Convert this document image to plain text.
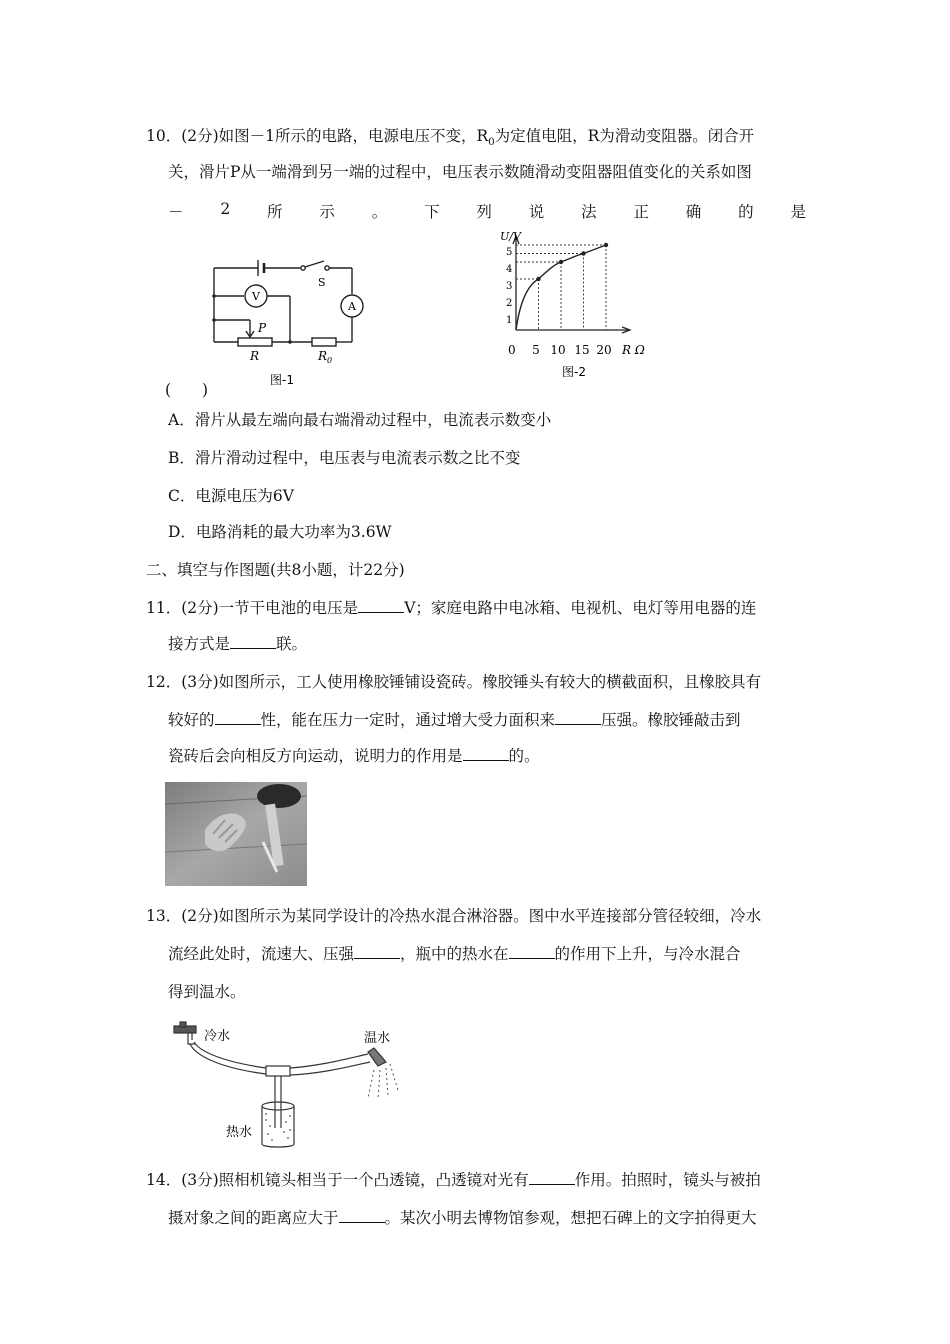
10．(2分)如图－1所示的电路，电源电压不变，$R_0$为定值电阻，R为滑动变阻器。闭合开
关，滑片P从一端滑到另一端的过程中，电压表示数随滑动变阻器阻值变化的关系如图
－ 2 所 示 。 下 列 说 法 正 确 的 是
S
V
A
P
R	$R_0$
图-1
U/V
0 5 10 15 20 R Ω
1
2
3
4
5
图-2
(　　)
A．滑片从最左端向最右端滑动过程中，电流表示数变小
B．滑片滑动过程中，电压表与电流表示数之比不变
C．电源电压为6V
D．电路消耗的最大功率为3.6W
二、填空与作图题(共8小题，计22分)
11．(2分)一节干电池的电压是	V；家庭电路中电冰箱、电视机、电灯等用电器的连
接方式是	联。
12．(3分)如图所示，工人使用橡胶锤铺设瓷砖。橡胶锤头有较大的横截面积，且橡胶具有
较好的	性，能在压力一定时，通过增大受力面积来	压强。橡胶锤敲击到
瓷砖后会向相反方向运动，说明力的作用是	的。
13．(2分)如图所示为某同学设计的冷热水混合淋浴器。图中水平连接部分管径较细，冷水
流经此处时，流速大、压强	，瓶中的热水在	的作用下上升，与冷水混合
得到温水。
冷水	温水
热水
14．(3分)照相机镜头相当于一个凸透镜，凸透镜对光有	作用。拍照时，镜头与被拍
摄对象之间的距离应大于	。某次小明去博物馆参观，想把石碑上的文字拍得更大
